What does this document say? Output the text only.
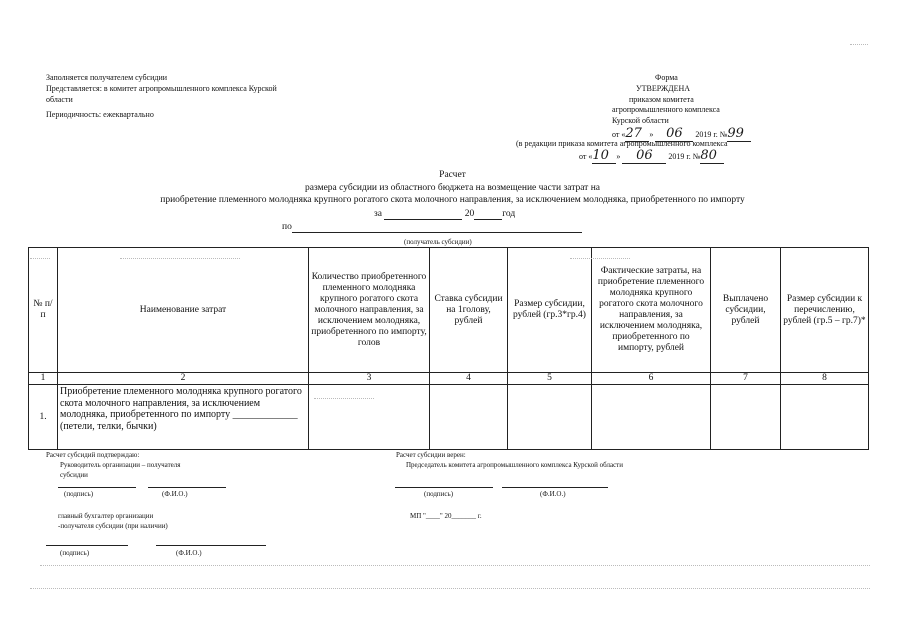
Заполняется получателем субсидии
Представляется: в комитет агропромышленного комплекса Курской
области
Периодичность: ежеквартально
Форма
УТВЕРЖДЕНА
приказом комитета
агропромышленного комплекса
Курской области
от «27 » 06 2019 г. №99
(в редакции приказа комитета агропромышленного комплекса
от «10 » 06 2019 г. №80
Расчет
размера субсидии из областного бюджета на возмещение части затрат на
приобретение племенного молодняка крупного рогатого скота молочного направления, за исключением молодняка, приобретенного по импорту
за	20	год
по
(получатель субсидии)
№ п/п	Наименование затрат	Количество приобретенного племенного молодняка крупного рогатого скота молочного направления, за исключением молодняка, приобретенного по импорту, голов	Ставка субсидии на 1голову, рублей	Размер субсидии, рублей (гр.3*гр.4)	Фактические затраты, на приобретение племенного молодняка крупного рогатого скота молочного направления, за исключением молодняка, приобретенного по импорту, рублей	Выплачено субсидии, рублей	Размер субсидии к перечислению, рублей (гр.5 – гр.7)*
1	2	3	4	5	6	7	8
1.	Приобретение племенного молодняка крупного рогатого скота молочного направления, за исключением молодняка, приобретенного по импорту _____________ (петели, телки, бычки)						
Расчет субсидий подтверждаю:
Руководитель организации – получателя
субсидии
(подпись)	(Ф.И.О.)
главный бухгалтер организации
-получателя субсидии (при наличии)
(подпись)	(Ф.И.О.)
Расчет субсидии верен:
Председатель комитета агропромышленного комплекса Курской области
(подпись)	(Ф.И.О.)
МП "____" 20_______ г.
